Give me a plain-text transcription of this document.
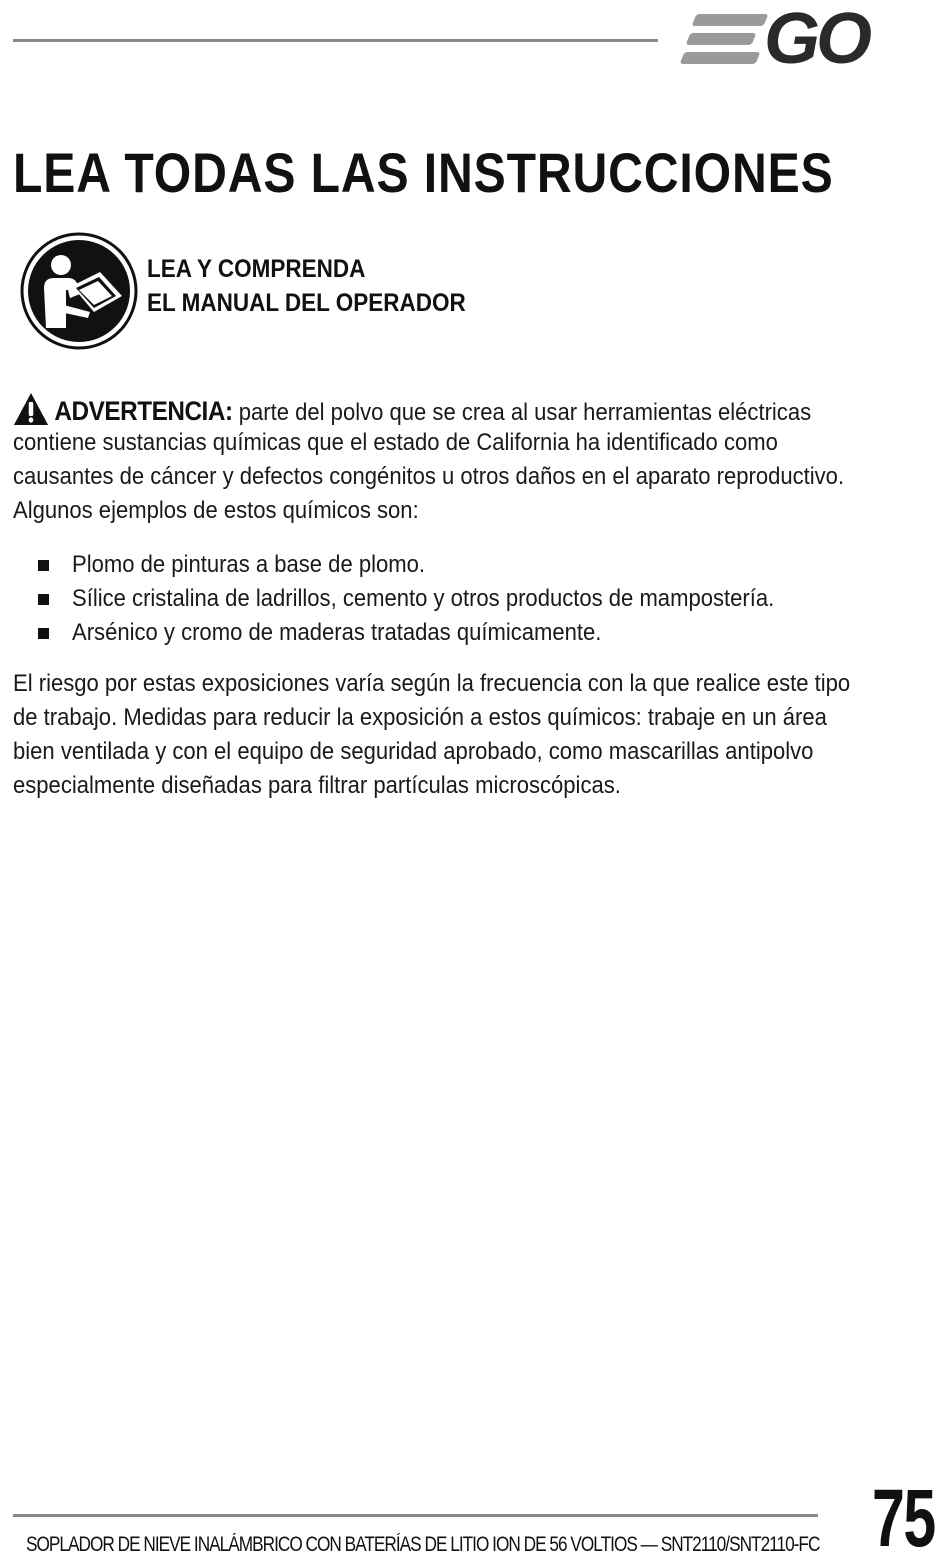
GO
LEA TODAS LAS INSTRUCCIONES
LEA Y COMPRENDA
EL MANUAL DEL OPERADOR
ADVERTENCIA: parte del polvo que se crea al usar herramientas eléctricas
contiene sustancias químicas que el estado de California ha identificado como
causantes de cáncer y defectos congénitos u otros daños en el aparato reproductivo.
Algunos ejemplos de estos químicos son:
Plomo de pinturas a base de plomo.
Sílice cristalina de ladrillos, cemento y otros productos de mampostería.
Arsénico y cromo de maderas tratadas químicamente.
El riesgo por estas exposiciones varía según la frecuencia con la que realice este tipo
de trabajo. Medidas para reducir la exposición a estos químicos: trabaje en un área
bien ventilada y con el equipo de seguridad aprobado, como mascarillas antipolvo
especialmente diseñadas para filtrar partículas microscópicas.
SOPLADOR DE NIEVE INALÁMBRICO CON BATERÍAS DE LITIO ION DE 56 VOLTIOS — SNT2110/SNT2110-FC 75
